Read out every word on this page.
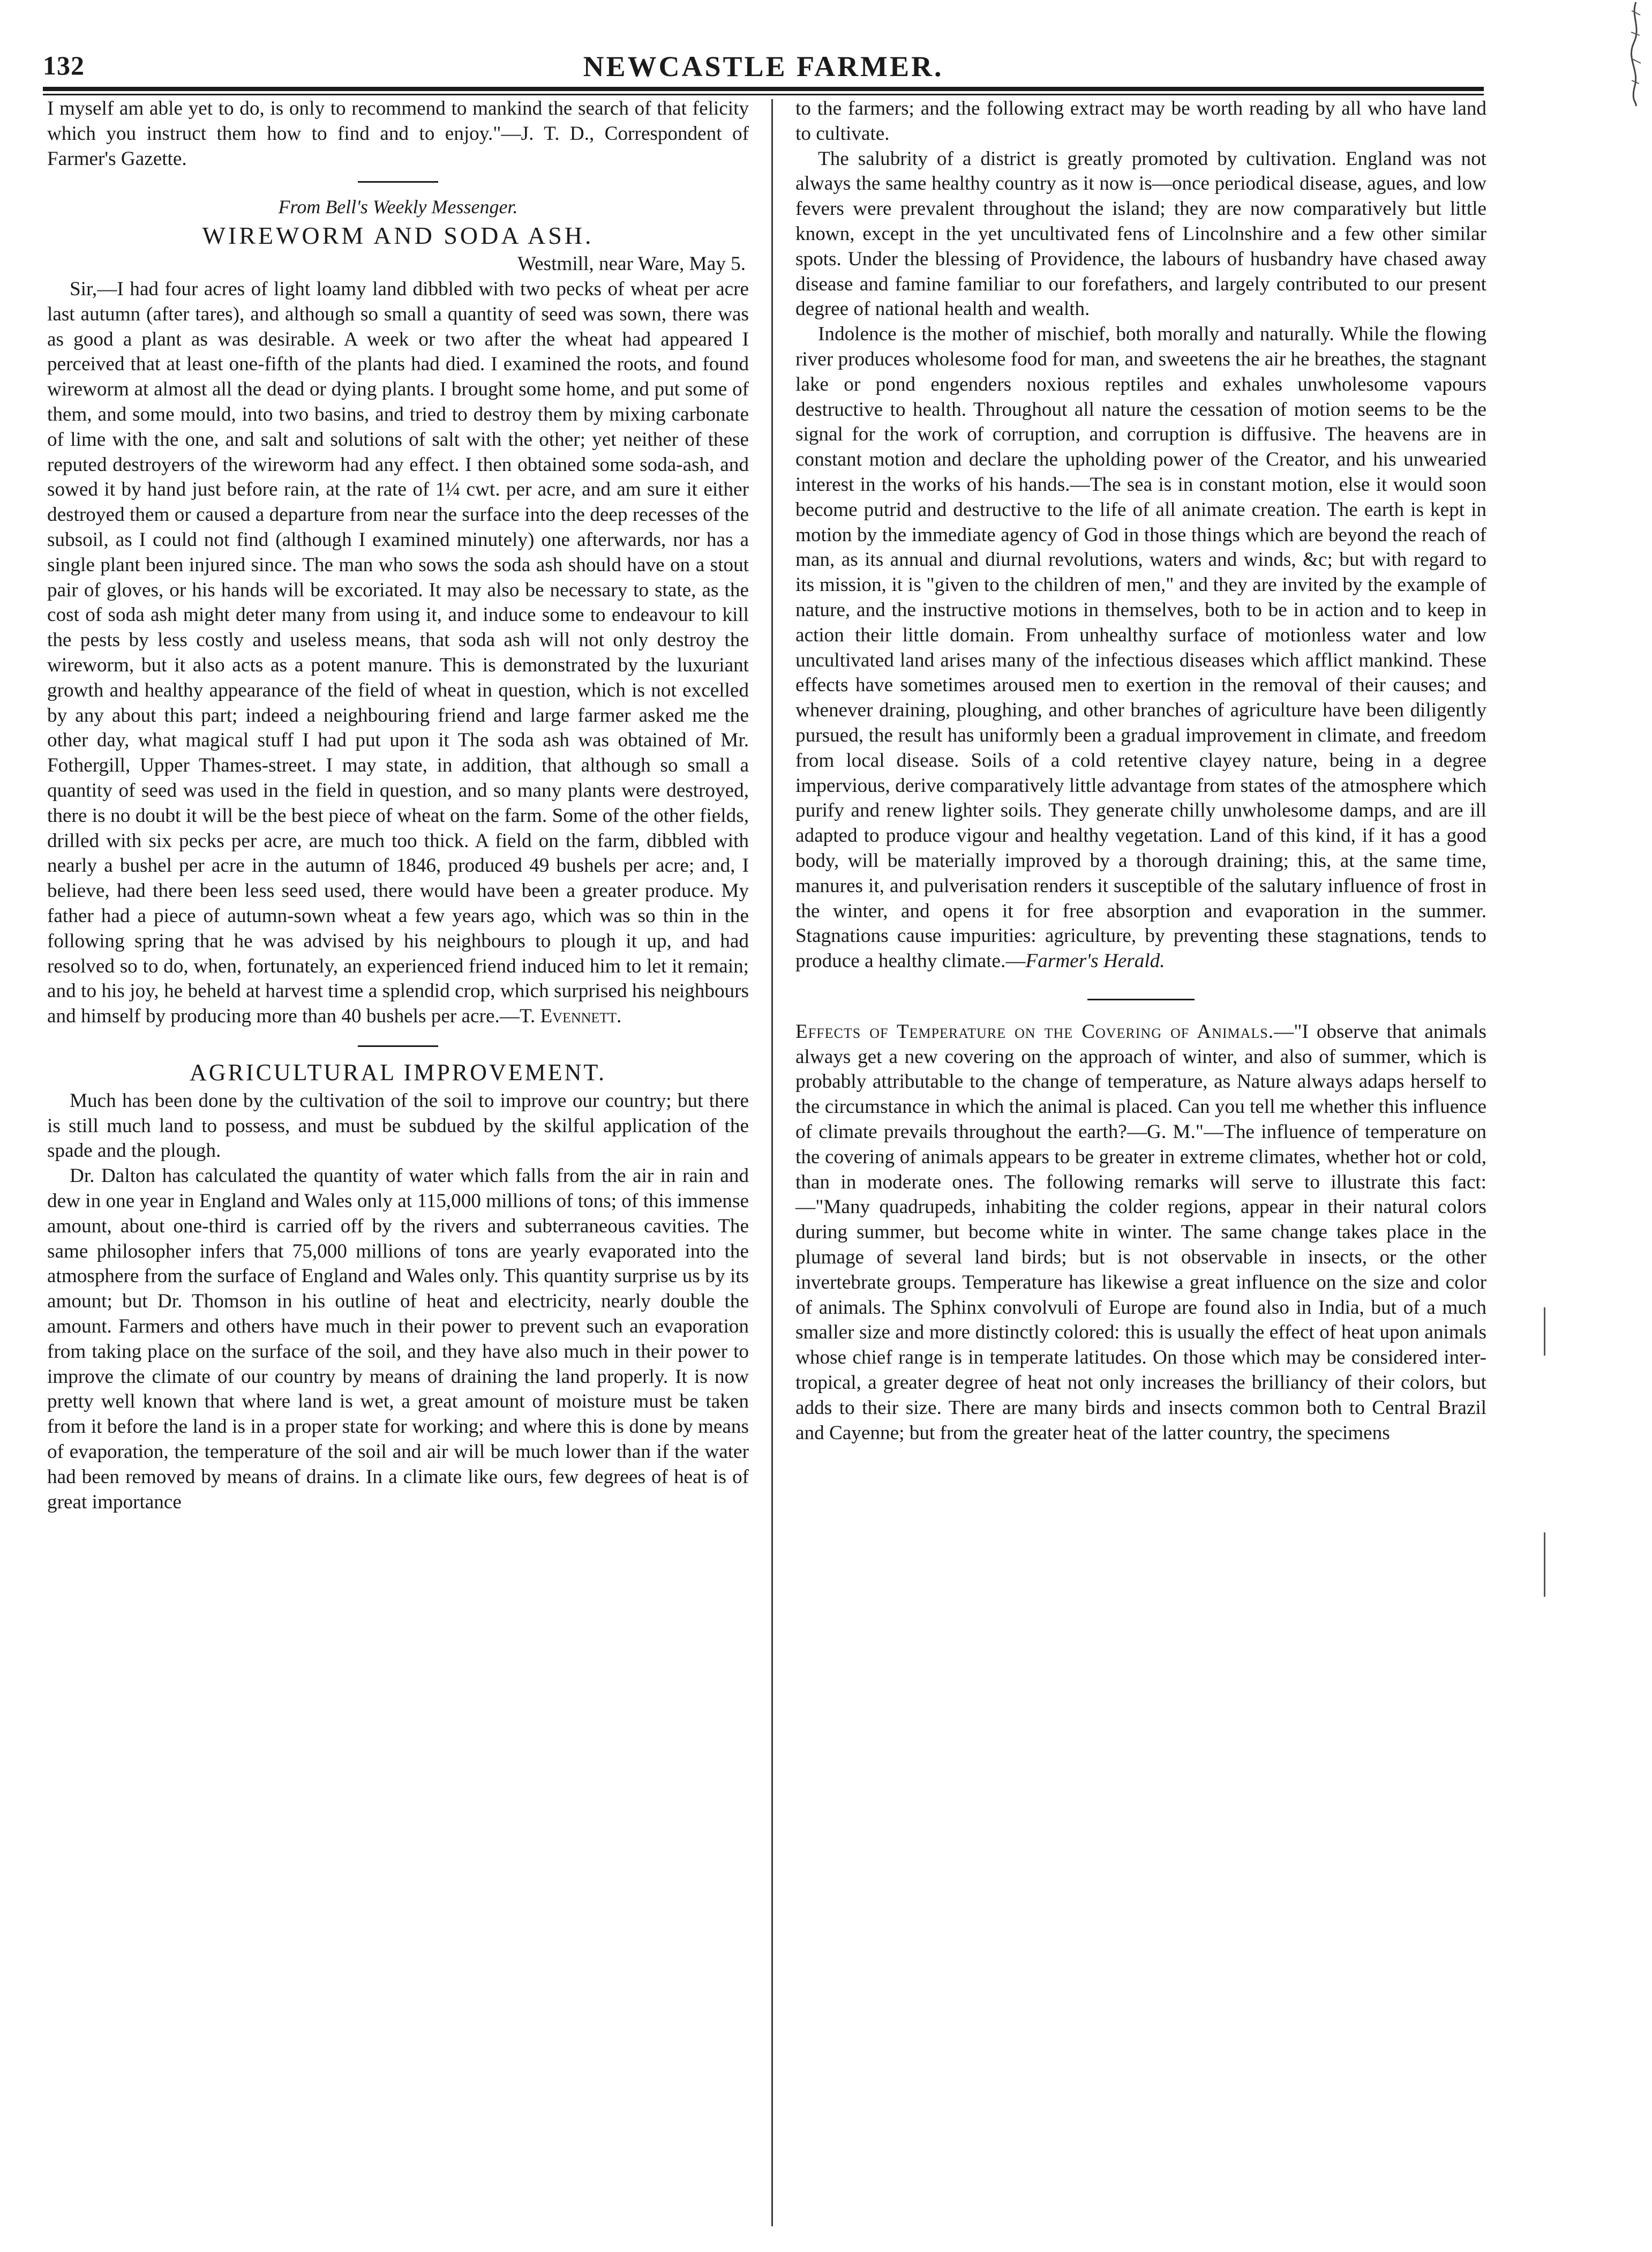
132	NEWCASTLE FARMER.

I myself am able yet to do, is only to recommend to mankind the search of that felicity which you instruct them how to find and to enjoy."—J. T. D., Correspondent of Farmer's Gazette.

From Bell's Weekly Messenger.
WIREWORM AND SODA ASH.

Westmill, near Ware, May 5.

Sir,—I had four acres of light loamy land dibbled with two pecks of wheat per acre last autumn (after tares), and although so small a quantity of seed was sown, there was as good a plant as was desirable. A week or two after the wheat had appeared I perceived that at least one-fifth of the plants had died. I examined the roots, and found wireworm at almost all the dead or dying plants. I brought some home, and put some of them, and some mould, into two basins, and tried to destroy them by mixing carbonate of lime with the one, and salt and solutions of salt with the other; yet neither of these reputed destroyers of the wireworm had any effect. I then obtained some soda-ash, and sowed it by hand just before rain, at the rate of 1¼ cwt. per acre, and am sure it either destroyed them or caused a departure from near the surface into the deep recesses of the subsoil, as I could not find (although I examined minutely) one afterwards, nor has a single plant been injured since. The man who sows the soda ash should have on a stout pair of gloves, or his hands will be excoriated. It may also be necessary to state, as the cost of soda ash might deter many from using it, and induce some to endeavour to kill the pests by less costly and useless means, that soda ash will not only destroy the wireworm, but it also acts as a potent manure. This is demonstrated by the luxuriant growth and healthy appearance of the field of wheat in question, which is not excelled by any about this part; indeed a neighbouring friend and large farmer asked me the other day, what magical stuff I had put upon it The soda ash was obtained of Mr. Fothergill, Upper Thames-street. I may state, in addition, that although so small a quantity of seed was used in the field in question, and so many plants were destroyed, there is no doubt it will be the best piece of wheat on the farm. Some of the other fields, drilled with six pecks per acre, are much too thick. A field on the farm, dibbled with nearly a bushel per acre in the autumn of 1846, produced 49 bushels per acre; and, I believe, had there been less seed used, there would have been a greater produce. My father had a piece of autumn-sown wheat a few years ago, which was so thin in the following spring that he was advised by his neighbours to plough it up, and had resolved so to do, when, fortunately, an experienced friend induced him to let it remain; and to his joy, he beheld at harvest time a splendid crop, which surprised his neighbours and himself by producing more than 40 bushels per acre.—T. Evennett.

AGRICULTURAL IMPROVEMENT.

Much has been done by the cultivation of the soil to improve our country; but there is still much land to possess, and must be subdued by the skilful application of the spade and the plough.

Dr. Dalton has calculated the quantity of water which falls from the air in rain and dew in one year in England and Wales only at 115,000 millions of tons; of this immense amount, about one-third is carried off by the rivers and subterraneous cavities. The same philosopher infers that 75,000 millions of tons are yearly evaporated into the atmosphere from the surface of England and Wales only. This quantity surprise us by its amount; but Dr. Thomson in his outline of heat and electricity, nearly double the amount. Farmers and others have much in their power to prevent such an evaporation from taking place on the surface of the soil, and they have also much in their power to improve the climate of our country by means of draining the land properly. It is now pretty well known that where land is wet, a great amount of moisture must be taken from it before the land is in a proper state for working; and where this is done by means of evaporation, the temperature of the soil and air will be much lower than if the water had been removed by means of drains. In a climate like ours, few degrees of heat is of great importance

to the farmers; and the following extract may be worth reading by all who have land to cultivate.

The salubrity of a district is greatly promoted by cultivation. England was not always the same healthy country as it now is—once periodical disease, agues, and low fevers were prevalent throughout the island; they are now comparatively but little known, except in the yet uncultivated fens of Lincolnshire and a few other similar spots. Under the blessing of Providence, the labours of husbandry have chased away disease and famine familiar to our forefathers, and largely contributed to our present degree of national health and wealth.

Indolence is the mother of mischief, both morally and naturally. While the flowing river produces wholesome food for man, and sweetens the air he breathes, the stagnant lake or pond engenders noxious reptiles and exhales unwholesome vapours destructive to health. Throughout all nature the cessation of motion seems to be the signal for the work of corruption, and corruption is diffusive. The heavens are in constant motion and declare the upholding power of the Creator, and his unwearied interest in the works of his hands.—The sea is in constant motion, else it would soon become putrid and destructive to the life of all animate creation. The earth is kept in motion by the immediate agency of God in those things which are beyond the reach of man, as its annual and diurnal revolutions, waters and winds, &c; but with regard to its mission, it is "given to the children of men," and they are invited by the example of nature, and the instructive motions in themselves, both to be in action and to keep in action their little domain. From unhealthy surface of motionless water and low uncultivated land arises many of the infectious diseases which afflict mankind. These effects have sometimes aroused men to exertion in the removal of their causes; and whenever draining, ploughing, and other branches of agriculture have been diligently pursued, the result has uniformly been a gradual improvement in climate, and freedom from local disease. Soils of a cold retentive clayey nature, being in a degree impervious, derive comparatively little advantage from states of the atmosphere which purify and renew lighter soils. They generate chilly unwholesome damps, and are ill adapted to produce vigour and healthy vegetation. Land of this kind, if it has a good body, will be materially improved by a thorough draining; this, at the same time, manures it, and pulverisation renders it susceptible of the salutary influence of frost in the winter, and opens it for free absorption and evaporation in the summer. Stagnations cause impurities: agriculture, by preventing these stagnations, tends to produce a healthy climate.—Farmer's Herald.

Effects of Temperature on the Covering of Animals.—"I observe that animals always get a new covering on the approach of winter, and also of summer, which is probably attributable to the change of temperature, as Nature always adaps herself to the circumstance in which the animal is placed. Can you tell me whether this influence of climate prevails throughout the earth?—G. M."—The influence of temperature on the covering of animals appears to be greater in extreme climates, whether hot or cold, than in moderate ones. The following remarks will serve to illustrate this fact:—"Many quadrupeds, inhabiting the colder regions, appear in their natural colors during summer, but become white in winter. The same change takes place in the plumage of several land birds; but is not observable in insects, or the other invertebrate groups. Temperature has likewise a great influence on the size and color of animals. The Sphinx convolvuli of Europe are found also in India, but of a much smaller size and more distinctly colored: this is usually the effect of heat upon animals whose chief range is in temperate latitudes. On those which may be considered inter-tropical, a greater degree of heat not only increases the brilliancy of their colors, but adds to their size. There are many birds and insects common both to Central Brazil and Cayenne; but from the greater heat of the latter country, the specimens
